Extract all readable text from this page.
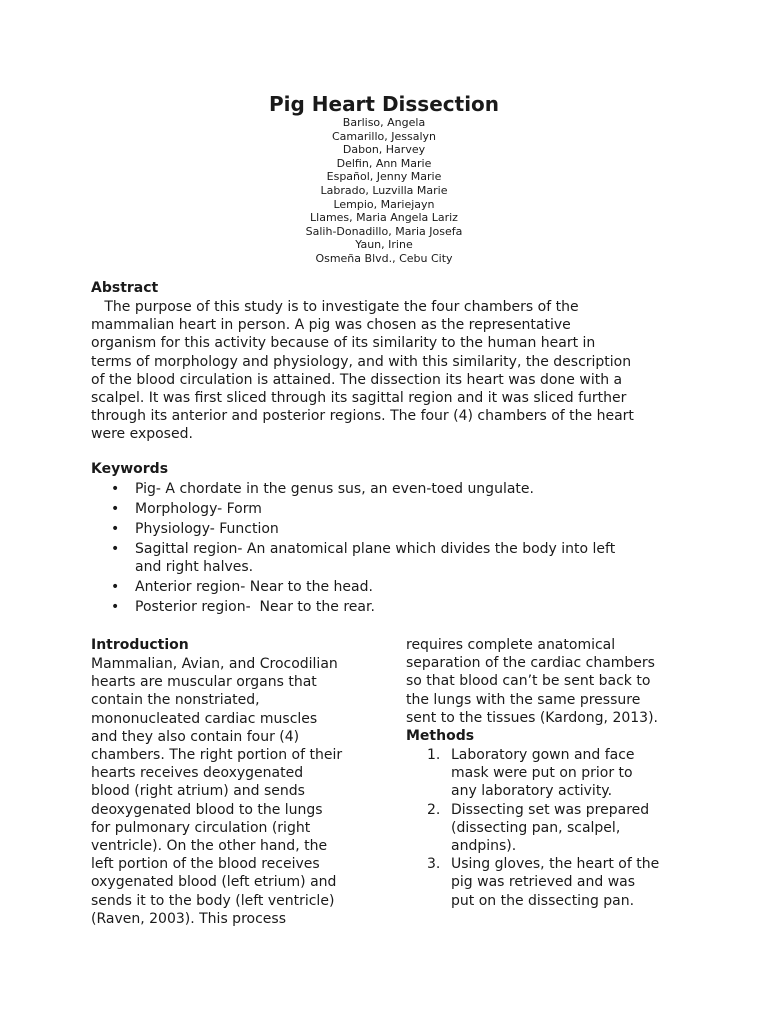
Pig Heart Dissection
Barliso, Angela
Camarillo, Jessalyn
Dabon, Harvey
Delfin, Ann Marie
Español, Jenny Marie
Labrado, Luzvilla Marie
Lempio, Mariejayn
Llames, Maria Angela Lariz
Salih-Donadillo, Maria Josefa
Yaun, Irine
Osmeña Blvd., Cebu City
Abstract
The purpose of this study is to investigate the four chambers of the
mammalian heart in person. A pig was chosen as the representative
organism for this activity because of its similarity to the human heart in
terms of morphology and physiology, and with this similarity, the description
of the blood circulation is attained. The dissection its heart was done with a
scalpel. It was first sliced through its sagittal region and it was sliced further
through its anterior and posterior regions. The four (4) chambers of the heart
were exposed.
Keywords
• Pig- A chordate in the genus sus, an even-toed ungulate.
• Morphology- Form
• Physiology- Function
• Sagittal region- An anatomical plane which divides the body into left
and right halves.
• Anterior region- Near to the head.
• Posterior region-  Near to the rear.
Introduction
Mammalian, Avian, and Crocodilian
hearts are muscular organs that
contain the nonstriated,
mononucleated cardiac muscles
and they also contain four (4)
chambers. The right portion of their
hearts receives deoxygenated
blood (right atrium) and sends
deoxygenated blood to the lungs
for pulmonary circulation (right
ventricle). On the other hand, the
left portion of the blood receives
oxygenated blood (left etrium) and
sends it to the body (left ventricle)
(Raven, 2003). This process
requires complete anatomical
separation of the cardiac chambers
so that blood can’t be sent back to
the lungs with the same pressure
sent to the tissues (Kardong, 2013).
Methods
1. Laboratory gown and face
mask were put on prior to
any laboratory activity.
2. Dissecting set was prepared
(dissecting pan, scalpel,
andpins).
3. Using gloves, the heart of the
pig was retrieved and was
put on the dissecting pan.
